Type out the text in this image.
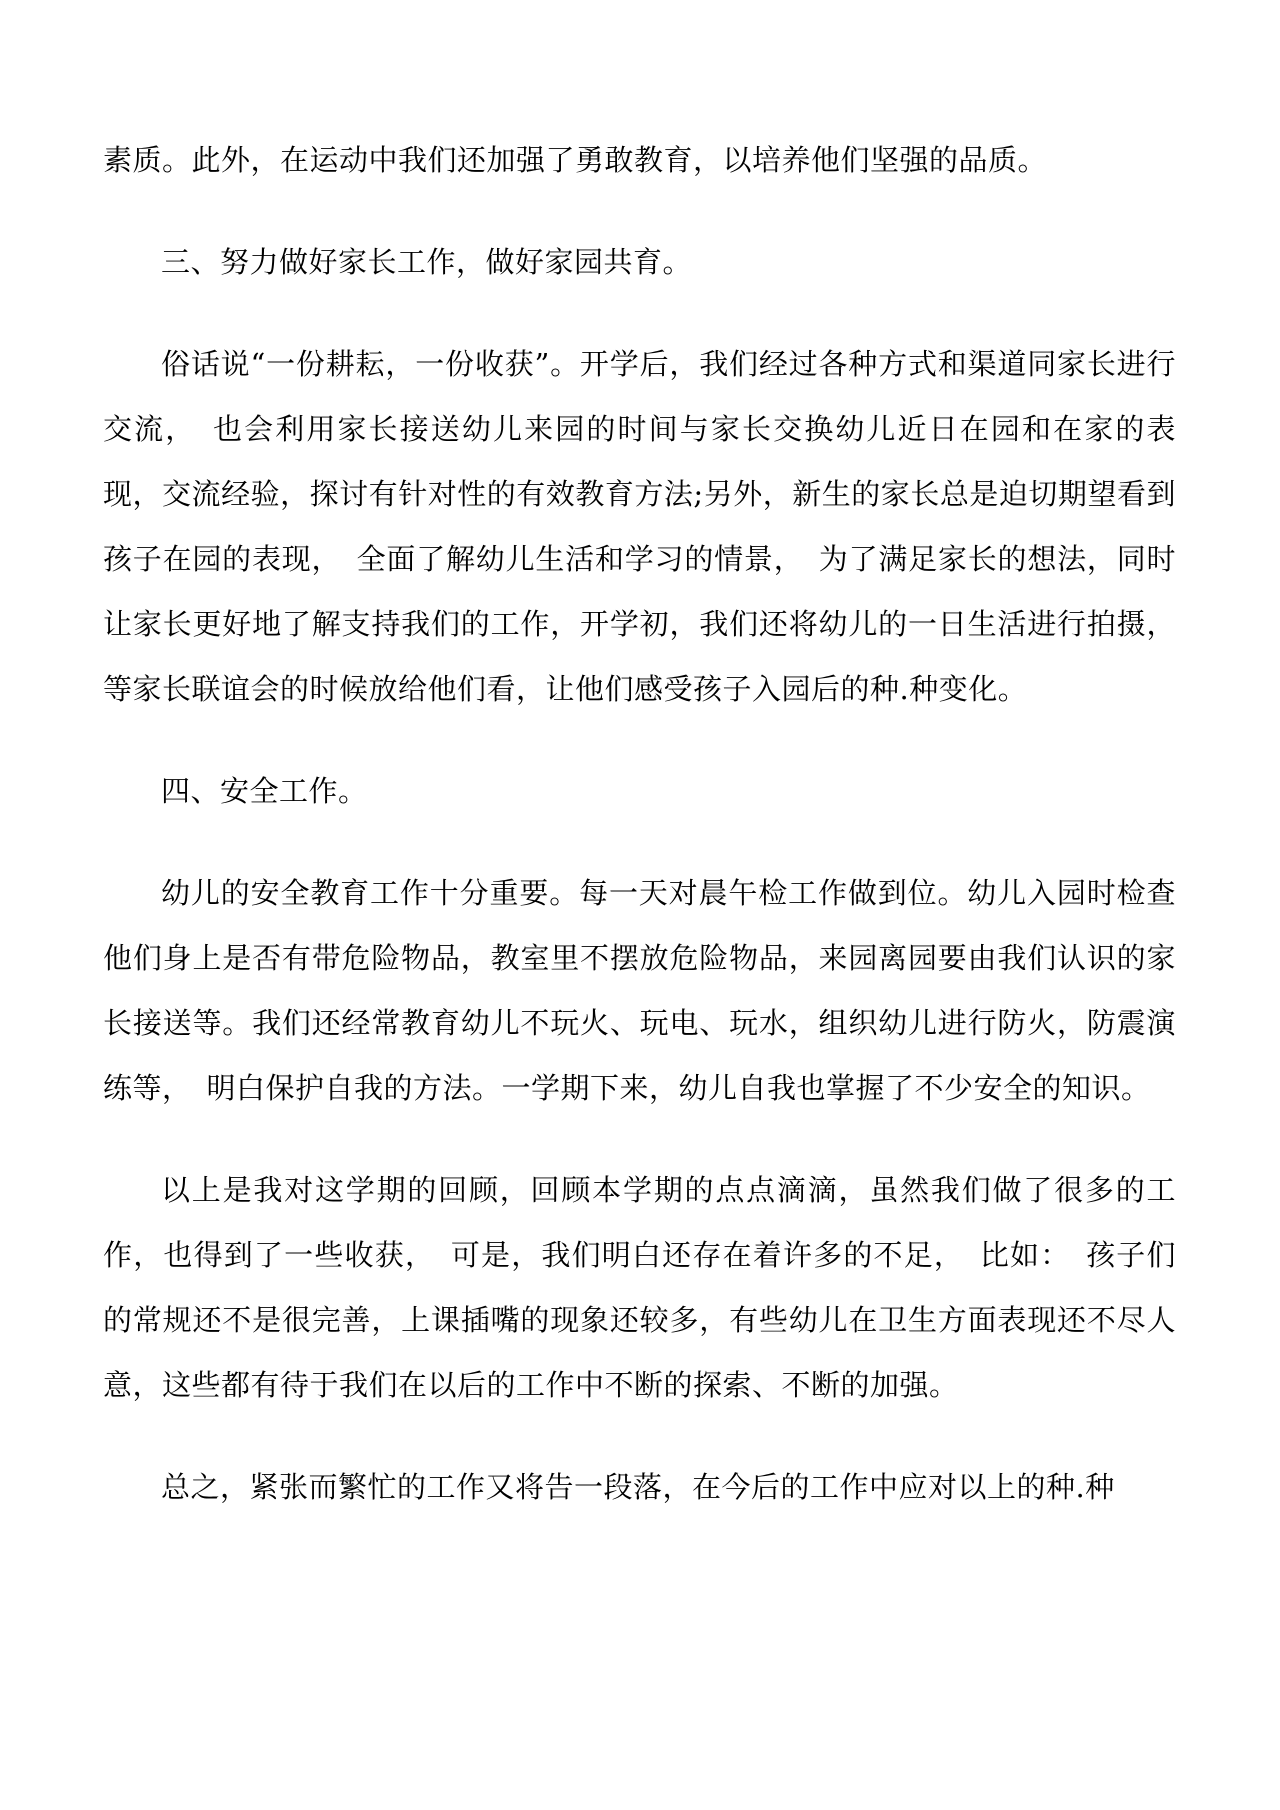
素质。此外，在运动中我们还加强了勇敢教育，以培养他们坚强的品质。

三、努力做好家长工作，做好家园共育。

俗话说“一份耕耘，一份收获”。开学后，我们经过各种方式和渠道同家长进行交流，　也会利用家长接送幼儿来园的时间与家长交换幼儿近日在园和在家的表现，交流经验，探讨有针对性的有效教育方法;另外，新生的家长总是迫切期望看到孩子在园的表现，　全面了解幼儿生活和学习的情景，　为了满足家长的想法，同时让家长更好地了解支持我们的工作，开学初，我们还将幼儿的一日生活进行拍摄，等家长联谊会的时候放给他们看，让他们感受孩子入园后的种.种变化。

四、安全工作。

幼儿的安全教育工作十分重要。每一天对晨午检工作做到位。幼儿入园时检查他们身上是否有带危险物品，教室里不摆放危险物品，来园离园要由我们认识的家长接送等。我们还经常教育幼儿不玩火、玩电、玩水，组织幼儿进行防火，防震演练等，　明白保护自我的方法。一学期下来，幼儿自我也掌握了不少安全的知识。

以上是我对这学期的回顾，回顾本学期的点点滴滴，虽然我们做了很多的工作，也得到了一些收获，　可是，我们明白还存在着许多的不足，　比如：　孩子们的常规还不是很完善，上课插嘴的现象还较多，有些幼儿在卫生方面表现还不尽人意，这些都有待于我们在以后的工作中不断的探索、不断的加强。

总之，紧张而繁忙的工作又将告一段落，在今后的工作中应对以上的种.种
